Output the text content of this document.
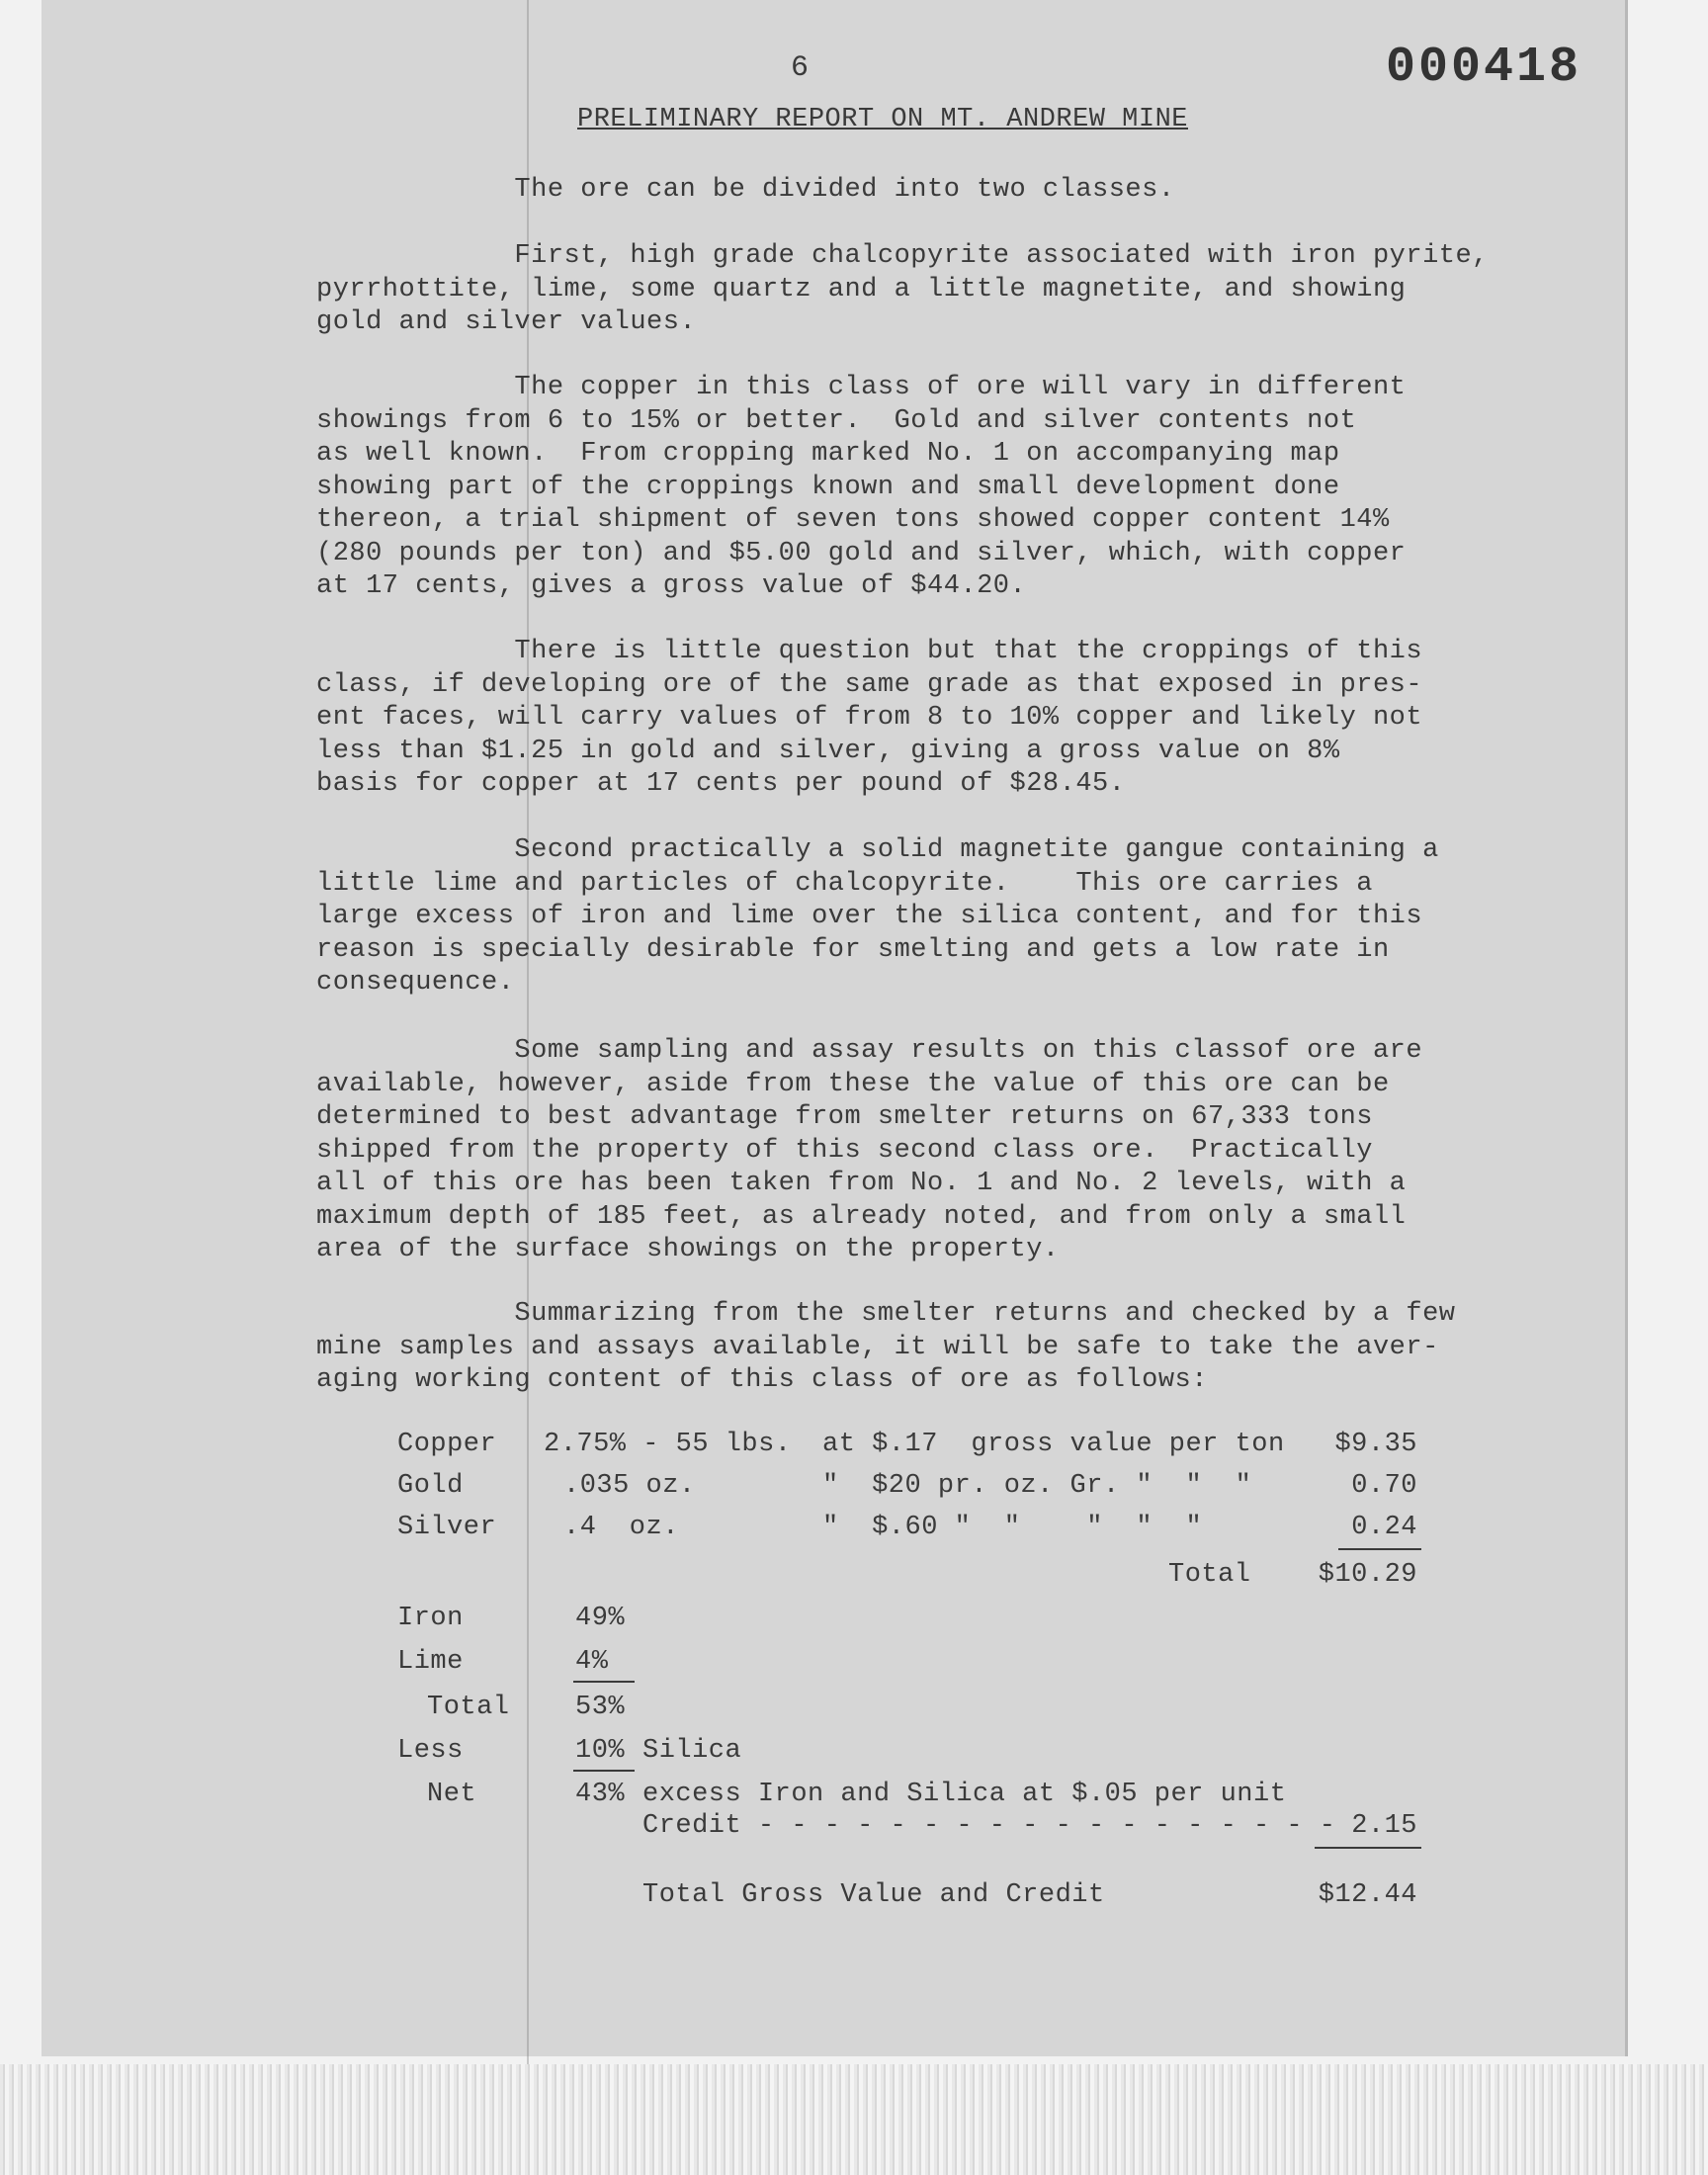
6	000418
PRELIMINARY REPORT ON MT. ANDREW MINE
The ore can be divided into two classes.
First, high grade chalcopyrite associated with iron pyrite,
pyrrhottite, lime, some quartz and a little magnetite, and showing
gold and silver values.
The copper in this class of ore will vary in different
showings from 6 to 15% or better.  Gold and silver contents not
as well known.  From cropping marked No. 1 on accompanying map
showing part of the croppings known and small development done
thereon, a trial shipment of seven tons showed copper content 14%
(280 pounds per ton) and $5.00 gold and silver, which, with copper
at 17 cents, gives a gross value of $44.20.
There is little question but that the croppings of this
class, if developing ore of the same grade as that exposed in pres-
ent faces, will carry values of from 8 to 10% copper and likely not
less than $1.25 in gold and silver, giving a gross value on 8%
basis for copper at 17 cents per pound of $28.45.
Second practically a solid magnetite gangue containing a
little lime and particles of chalcopyrite.    This ore carries a
large excess of iron and lime over the silica content, and for this
reason is specially desirable for smelting and gets a low rate in
consequence.
Some sampling and assay results on this classof ore are
available, however, aside from these the value of this ore can be
determined to best advantage from smelter returns on 67,333 tons
shipped from the property of this second class ore.  Practically
all of this ore has been taken from No. 1 and No. 2 levels, with a
maximum depth of 185 feet, as already noted, and from only a small
area of the surface showings on the property.
Summarizing from the smelter returns and checked by a few
mine samples and assays available, it will be safe to take the aver-
aging working content of this class of ore as follows:
Copper 2.75% - 55 lbs. at $.17  gross value per ton	$9.35
Gold	.035 oz.	"  $20 pr. oz. Gr. "  "  "	0.70
Silver	.4  oz.	"  $.60 "  "    "  "  "	0.24
Total	$10.29
Iron	49%
Lime	4%
Total 53%
Less	10% Silica
Net	43% excess Iron and Silica at $.05 per unit
Credit - - - - - - - - - - - - - - - - - - 2.15
Total Gross Value and Credit	$12.44
